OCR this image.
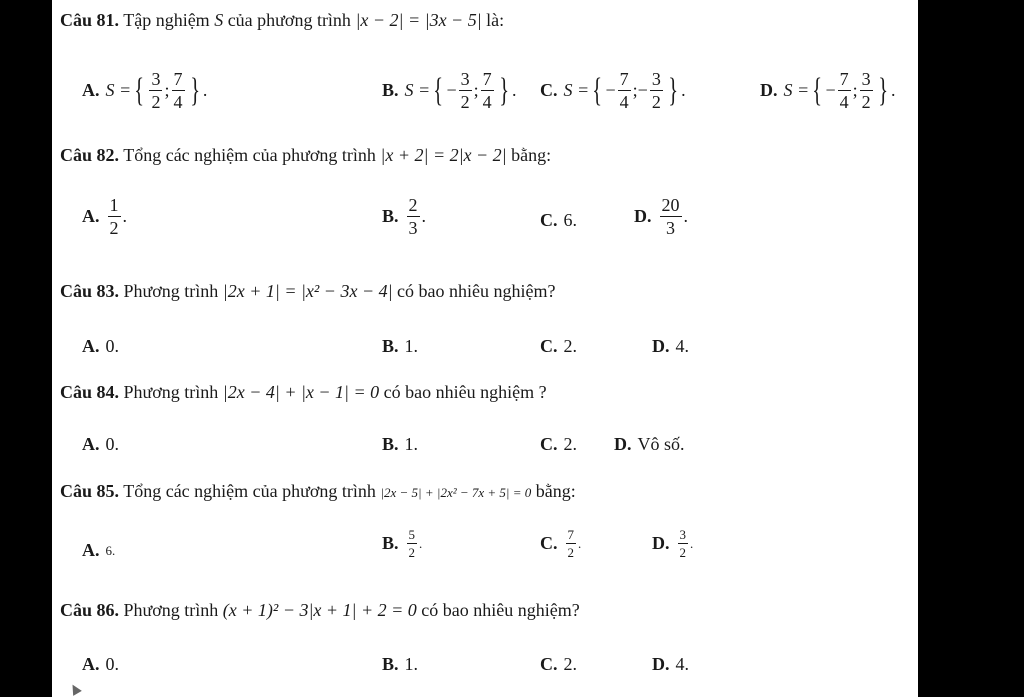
Câu 81. Tập nghiệm S của phương trình |x − 2| = |3x − 5| là:
A. S = { $\frac{3}{2}$ ; $\frac{7}{4}$ } .	B. S = { − $\frac{3}{2}$ ; $\frac{7}{4}$ } . C. S = { − $\frac{7}{4}$ ; − $\frac{3}{2}$ } .	D. S = { − $\frac{7}{4}$ ; $\frac{3}{2}$ } .
Câu 82. Tổng các nghiệm của phương trình |x + 2| = 2|x − 2| bằng:
A. $\frac{1}{2}$ .	B. $\frac{2}{3}$ .	C. 6.	D. $\frac{20}{3}$ .
Câu 83. Phương trình |2x + 1| = |x² − 3x − 4| có bao nhiêu nghiệm?
A. 0.	B. 1.	C. 2.	D. 4.
Câu 84. Phương trình |2x − 4| + |x − 1| = 0 có bao nhiêu nghiệm ?
A. 0.	B. 1.	C. 2. D. Vô số.
Câu 85. Tổng các nghiệm của phương trình |2x − 5| + |2x² − 7x + 5| = 0 bằng:
A. 6.	B. $\frac{5}{2}$ .	C. $\frac{7}{2}$ .	D. $\frac{3}{2}$ .
Câu 86. Phương trình (x + 1)² − 3|x + 1| + 2 = 0 có bao nhiêu nghiệm?
A. 0.	B. 1.	C. 2.	D. 4.
